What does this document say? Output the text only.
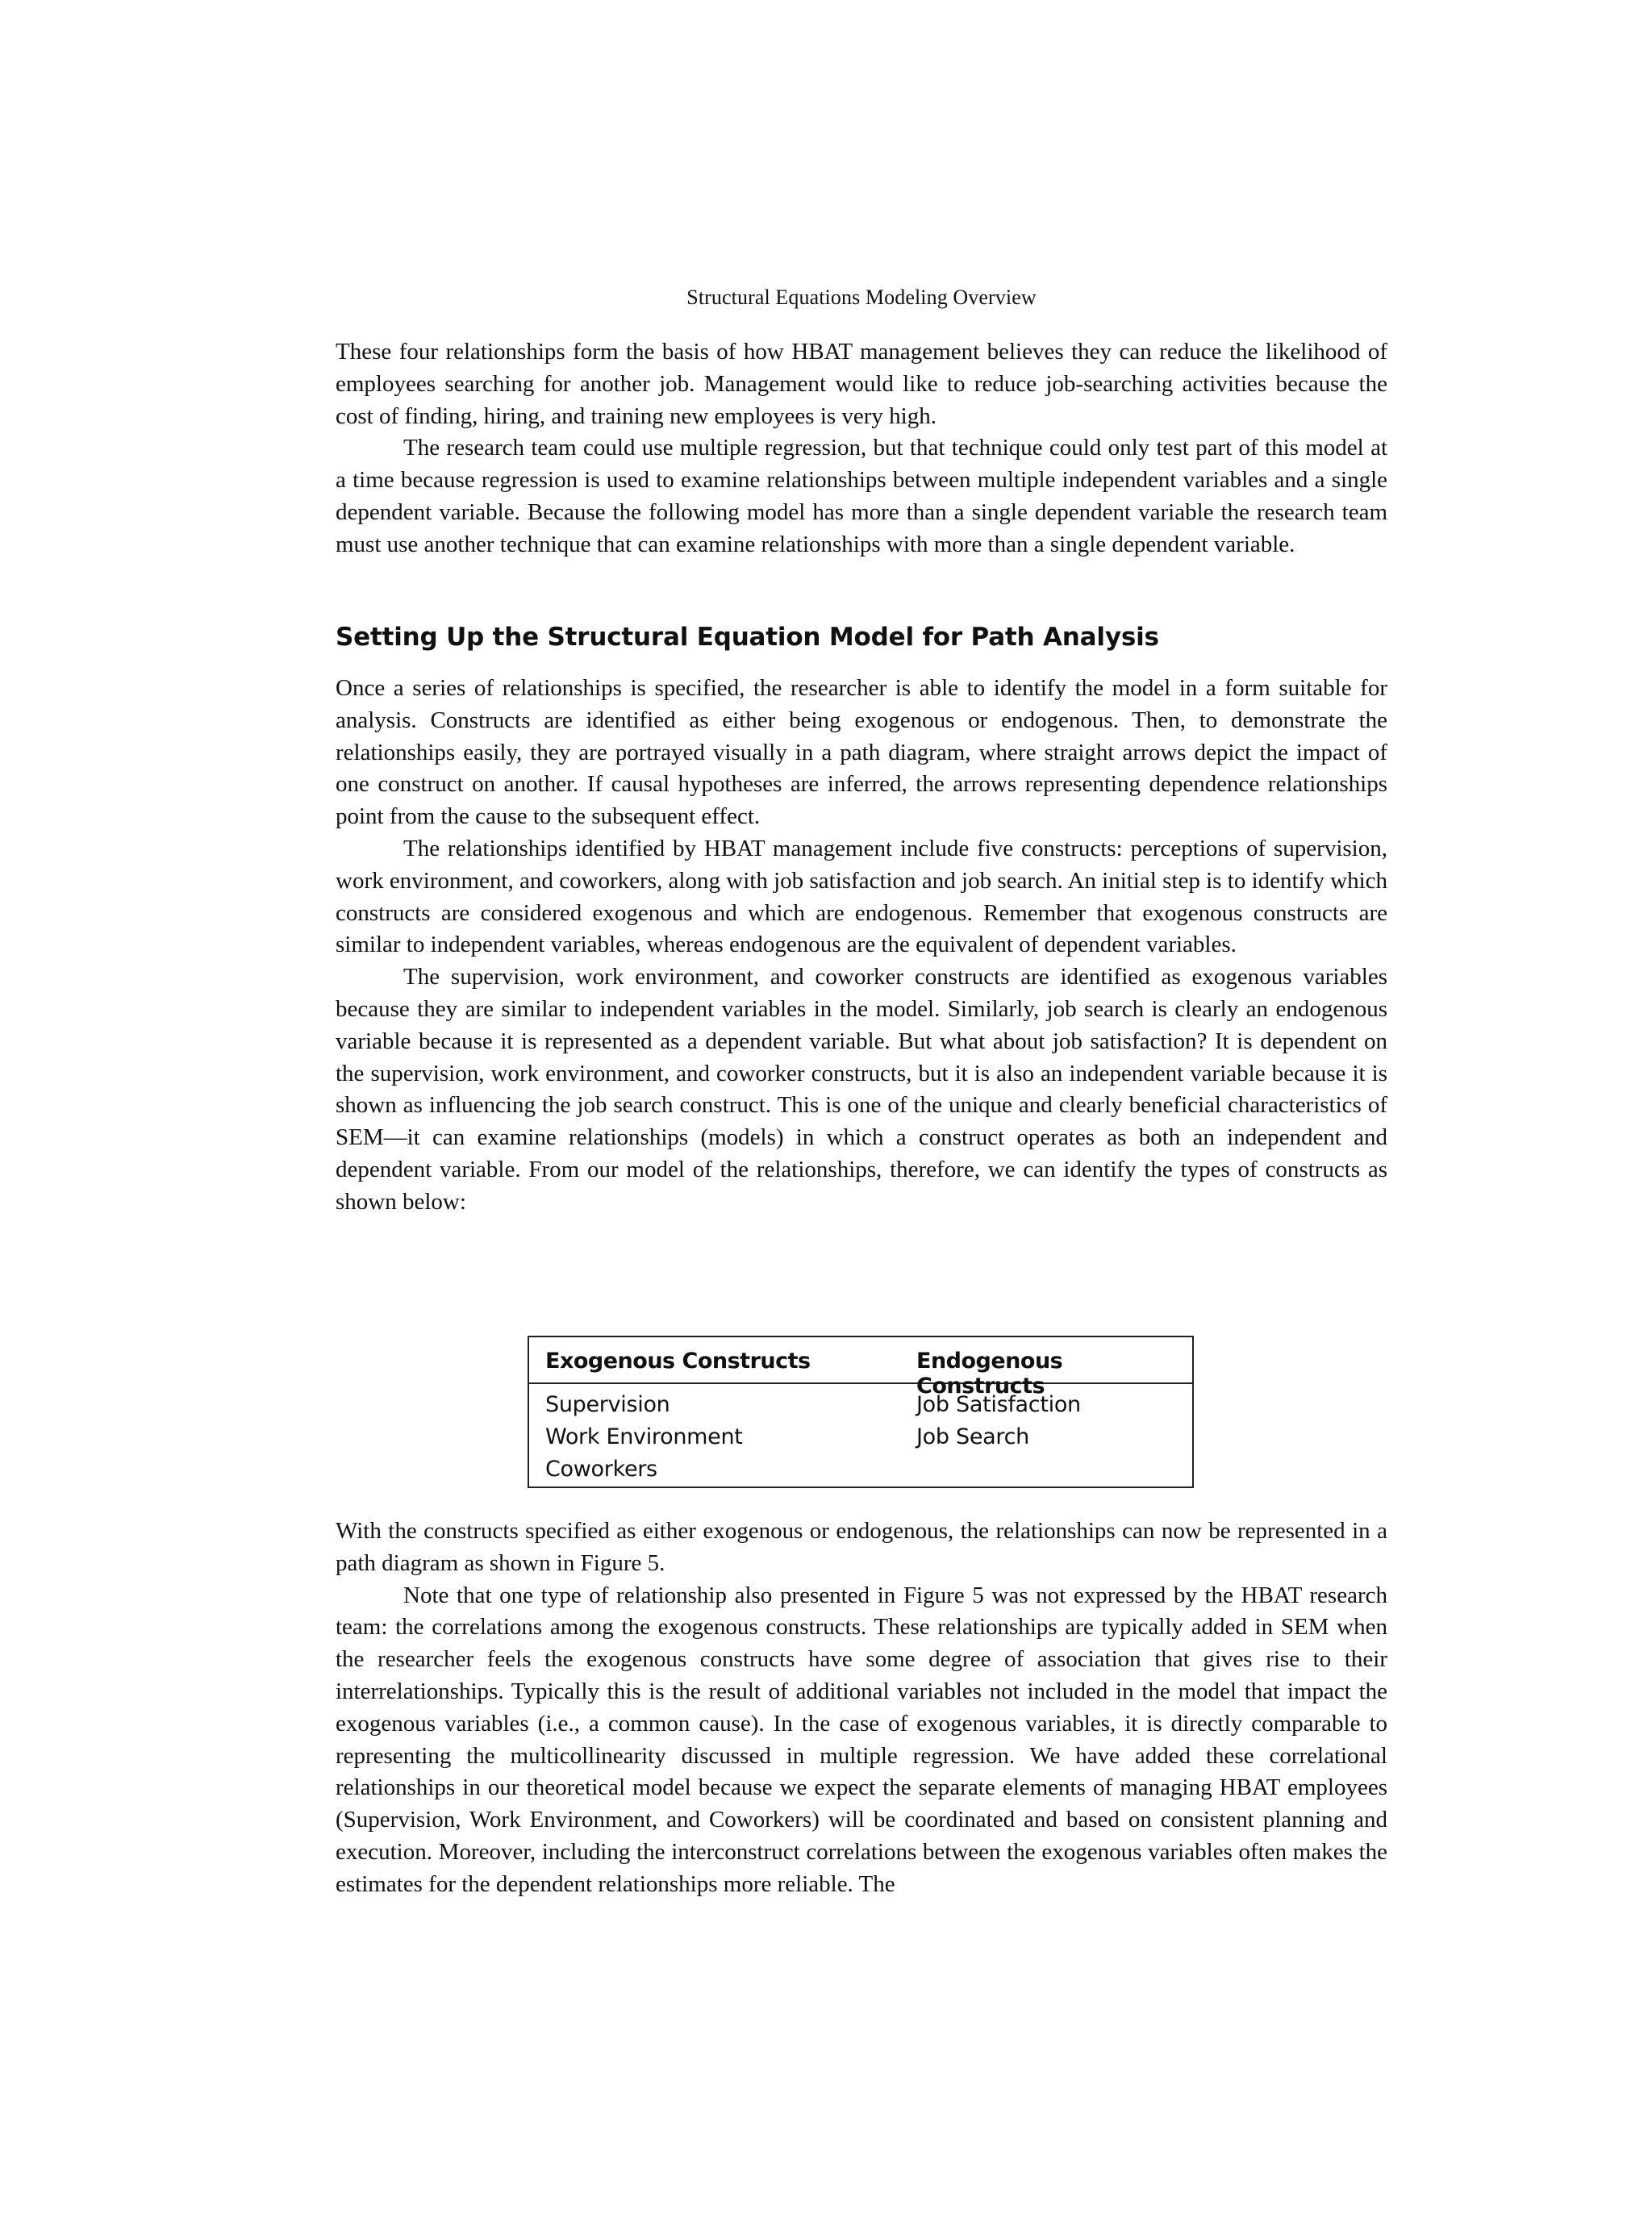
Structural Equations Modeling Overview

These four relationships form the basis of how HBAT management believes they can reduce the likelihood of employees searching for another job. Management would like to reduce job-searching activities because the cost of finding, hiring, and training new employees is very high.

The research team could use multiple regression, but that technique could only test part of this model at a time because regression is used to examine relationships between multiple independent variables and a single dependent variable. Because the following model has more than a single dependent variable the research team must use another technique that can examine relationships with more than a single dependent variable.

Setting Up the Structural Equation Model for Path Analysis

Once a series of relationships is specified, the researcher is able to identify the model in a form suitable for analysis. Constructs are identified as either being exogenous or endogenous. Then, to demonstrate the relationships easily, they are portrayed visually in a path diagram, where straight arrows depict the impact of one construct on another. If causal hypotheses are inferred, the arrows representing dependence relationships point from the cause to the subsequent effect.

The relationships identified by HBAT management include five constructs: perceptions of supervision, work environment, and coworkers, along with job satisfaction and job search. An initial step is to identify which constructs are considered exogenous and which are endogenous. Remember that exogenous constructs are similar to independent variables, whereas endogenous are the equivalent of dependent variables.

The supervision, work environment, and coworker constructs are identified as exogenous variables because they are similar to independent variables in the model. Similarly, job search is clearly an endogenous variable because it is represented as a dependent variable. But what about job satisfaction? It is dependent on the supervision, work environment, and coworker constructs, but it is also an independent variable because it is shown as influencing the job search construct. This is one of the unique and clearly beneficial characteristics of SEM—it can examine relationships (models) in which a construct operates as both an independent and dependent variable. From our model of the relationships, therefore, we can identify the types of constructs as shown below:

Exogenous Constructs	Endogenous Constructs
Supervision	Job Satisfaction
Work Environment	Job Search
Coworkers

With the constructs specified as either exogenous or endogenous, the relationships can now be represented in a path diagram as shown in Figure 5.

Note that one type of relationship also presented in Figure 5 was not expressed by the HBAT research team: the correlations among the exogenous constructs. These relationships are typically added in SEM when the researcher feels the exogenous constructs have some degree of association that gives rise to their interrelationships. Typically this is the result of additional variables not included in the model that impact the exogenous variables (i.e., a common cause). In the case of exogenous variables, it is directly comparable to representing the multicollinearity discussed in multiple regression. We have added these correlational relationships in our theoretical model because we expect the separate elements of managing HBAT employees (Supervision, Work Environment, and Coworkers) will be coordinated and based on consistent planning and execution. Moreover, including the interconstruct correlations between the exogenous variables often makes the estimates for the dependent relationships more reliable. The
